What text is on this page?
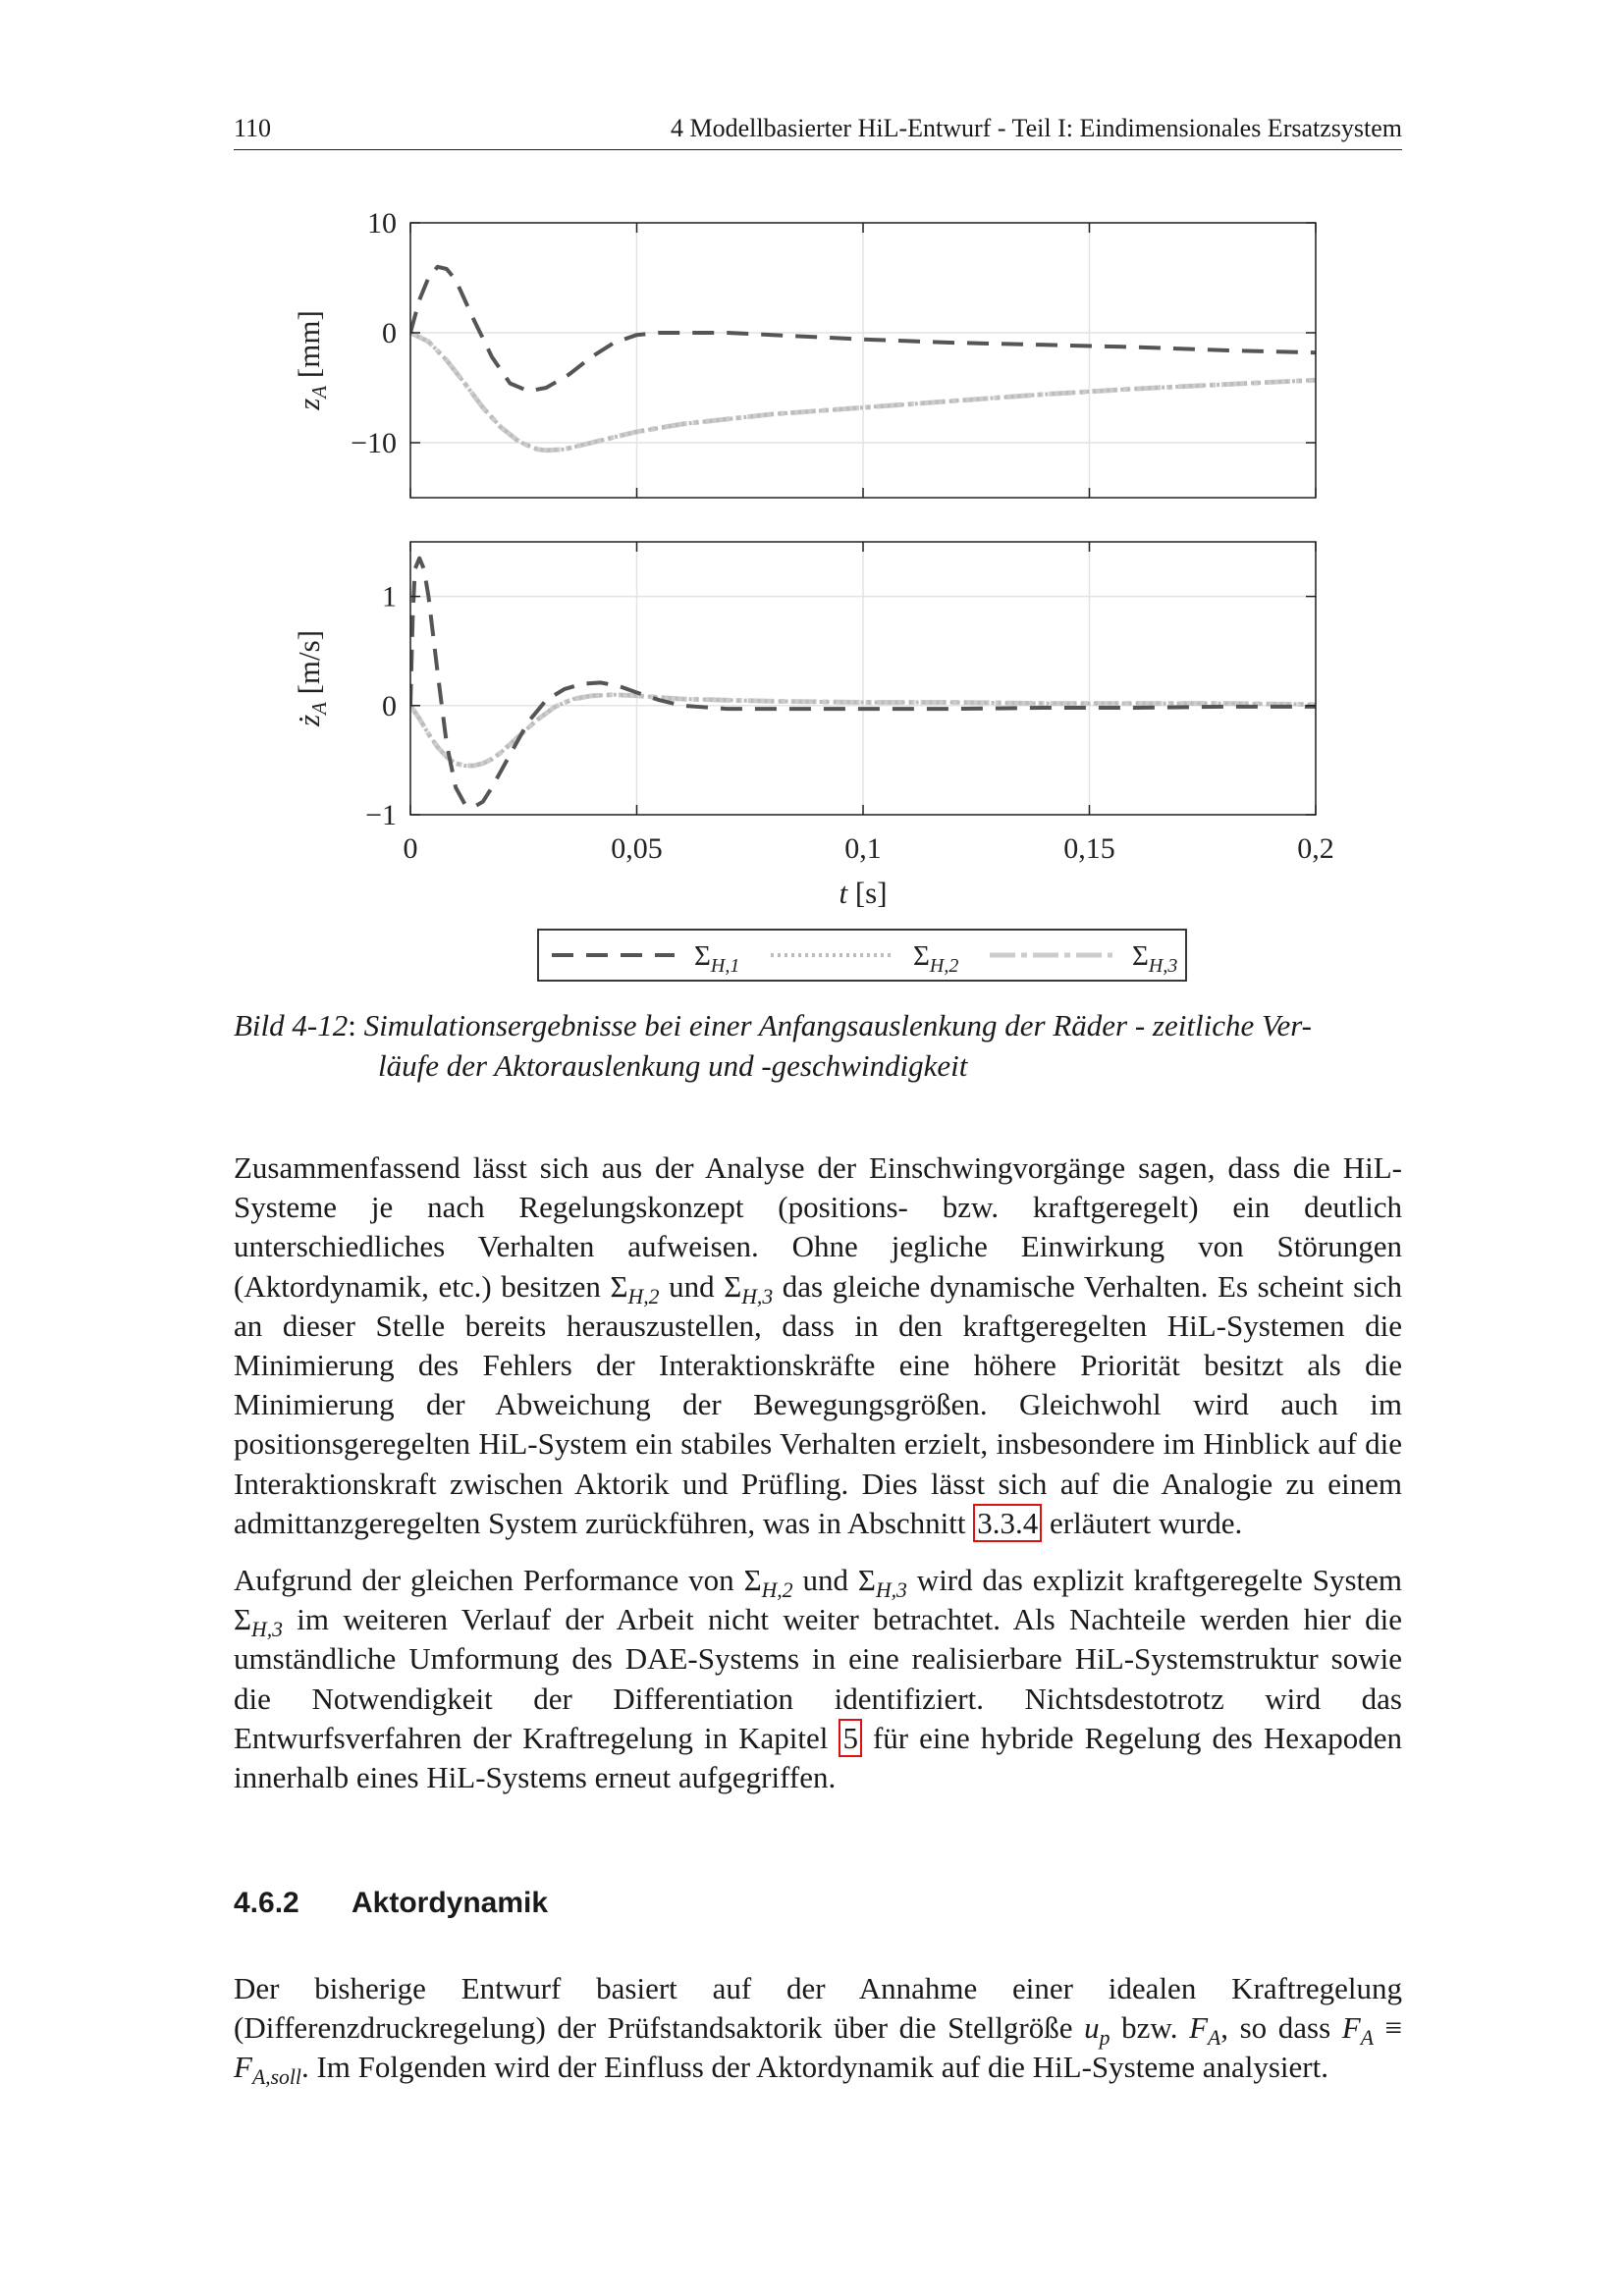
110	4 Modellbasierter HiL-Entwurf - Teil I: Eindimensionales Ersatzsystem
10
0
−10
$z_A$ [mm]
1
0
−1
0	0,05	0,1	0,15	0,2
t [s]
$ż_A$ [m/s]
$\Sigma_{H,1}$	$\Sigma_{H,2}$	$\Sigma_{H,3}$
Bild 4-12: Simulationsergebnisse bei einer Anfangsauslenkung der Räder - zeitliche Ver-
läufe der Aktorauslenkung und -geschwindigkeit
Zusammenfassend lässt sich aus der Analyse der Einschwingvorgänge sagen, dass die HiL-Systeme je nach Regelungskonzept (positions- bzw. kraftgeregelt) ein deutlich unterschiedliches Verhalten aufweisen. Ohne jegliche Einwirkung von Störungen (Aktordynamik, etc.) besitzen $\Sigma_{H,2}$ und $\Sigma_{H,3}$ das gleiche dynamische Verhalten. Es scheint sich an dieser Stelle bereits herauszustellen, dass in den kraftgeregelten HiL-Systemen die Minimierung des Fehlers der Interaktionskräfte eine höhere Priorität besitzt als die Minimierung der Abweichung der Bewegungsgrößen. Gleichwohl wird auch im positionsgeregelten HiL-System ein stabiles Verhalten erzielt, insbesondere im Hinblick auf die Interaktionskraft zwischen Aktorik und Prüfling. Dies lässt sich auf die Analogie zu einem admittanzgeregelten System zurückführen, was in Abschnitt 3.3.4 erläutert wurde.
Aufgrund der gleichen Performance von $\Sigma_{H,2}$ und $\Sigma_{H,3}$ wird das explizit kraftgeregelte System $\Sigma_{H,3}$ im weiteren Verlauf der Arbeit nicht weiter betrachtet. Als Nachteile werden hier die umständliche Umformung des DAE-Systems in eine realisierbare HiL-Systemstruktur sowie die Notwendigkeit der Differentiation identifiziert. Nichtsdestotrotz wird das Entwurfsverfahren der Kraftregelung in Kapitel 5 für eine hybride Regelung des Hexapoden innerhalb eines HiL-Systems erneut aufgegriffen.
4.6.2 Aktordynamik
Der bisherige Entwurf basiert auf der Annahme einer idealen Kraftregelung (Differenzdruckregelung) der Prüfstandsaktorik über die Stellgröße $u_p$ bzw. $F_A$, so dass $F_A \equiv F_{A,soll}$. Im Folgenden wird der Einfluss der Aktordynamik auf die HiL-Systeme analysiert.
